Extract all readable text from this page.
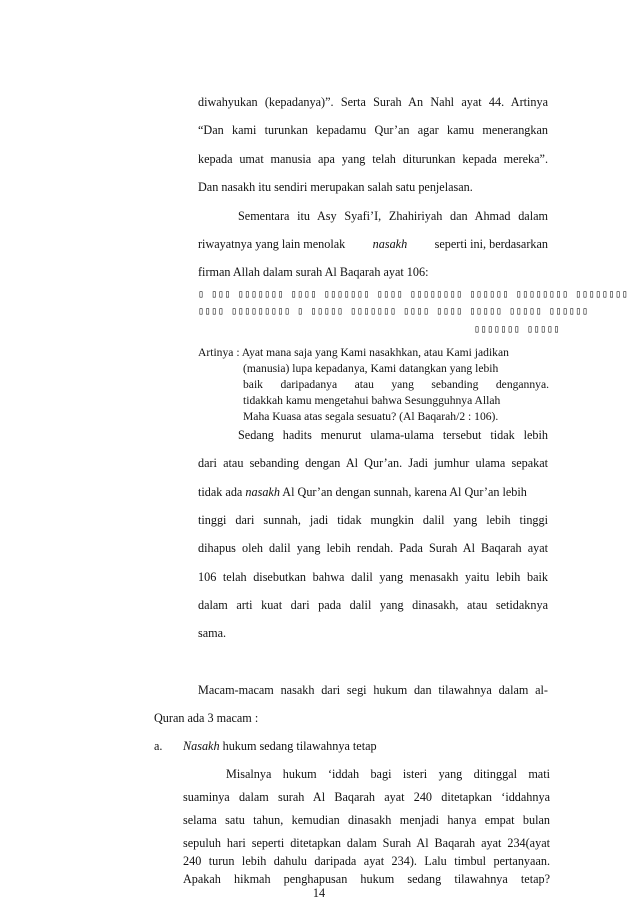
diwahyukan (kepadanya)”. Serta Surah An Nahl ayat 44. Artinya
“Dan kami turunkan kepadamu Qur’an agar kamu menerangkan
kepada umat manusia apa yang telah diturunkan kepada mereka”.
Dan nasakh itu sendiri merupakan salah satu penjelasan.
Sementara itu Asy Syafi’I, Zhahiriyah dan Ahmad dalam
riwayatnya yang lain menolak nasakh seperti ini, berdasarkan
firman Allah dalam surah Al Baqarah ayat 106:
▯ ▯▯▯ ▯▯▯▯▯▯▯ ▯▯▯▯ ▯▯▯▯▯▯▯ ▯▯▯▯ ▯▯▯▯▯▯▯▯ ▯▯▯▯▯▯ ▯▯▯▯▯▯▯▯ ▯▯▯▯▯▯▯▯
▯▯▯▯ ▯▯▯▯▯▯▯▯▯ ▯ ▯▯▯▯▯ ▯▯▯▯▯▯▯ ▯▯▯▯ ▯▯▯▯ ▯▯▯▯▯ ▯▯▯▯▯ ▯▯▯▯▯▯
▯▯▯▯▯▯▯ ▯▯▯▯▯
Artinya : Ayat mana saja yang Kami nasakhkan, atau Kami jadikan
(manusia) lupa kepadanya, Kami datangkan yang lebih
baik daripadanya atau yang sebanding dengannya.
tidakkah kamu mengetahui bahwa Sesungguhnya Allah
Maha Kuasa atas segala sesuatu? (Al Baqarah/2 : 106).
Sedang hadits menurut ulama-ulama tersebut tidak lebih
dari atau sebanding dengan Al Qur’an. Jadi jumhur ulama sepakat
tidak ada nasakh Al Qur’an dengan sunnah, karena Al Qur’an lebih
tinggi dari sunnah, jadi tidak mungkin dalil yang lebih tinggi
dihapus oleh dalil yang lebih rendah. Pada Surah Al Baqarah ayat
106 telah disebutkan bahwa dalil yang menasakh yaitu lebih baik
dalam arti kuat dari pada dalil yang dinasakh, atau setidaknya
sama.
Macam-macam nasakh dari segi hukum dan tilawahnya dalam al-
Quran ada 3 macam :
a. Nasakh hukum sedang tilawahnya tetap
Misalnya hukum ‘iddah bagi isteri yang ditinggal mati
suaminya dalam surah Al Baqarah ayat 240 ditetapkan ‘iddahnya
selama satu tahun, kemudian dinasakh menjadi hanya empat bulan
sepuluh hari seperti ditetapkan dalam Surah Al Baqarah ayat 234(ayat
240 turun lebih dahulu daripada ayat 234). Lalu timbul pertanyaan.
Apakah hikmah penghapusan hukum sedang tilawahnya tetap?
14
